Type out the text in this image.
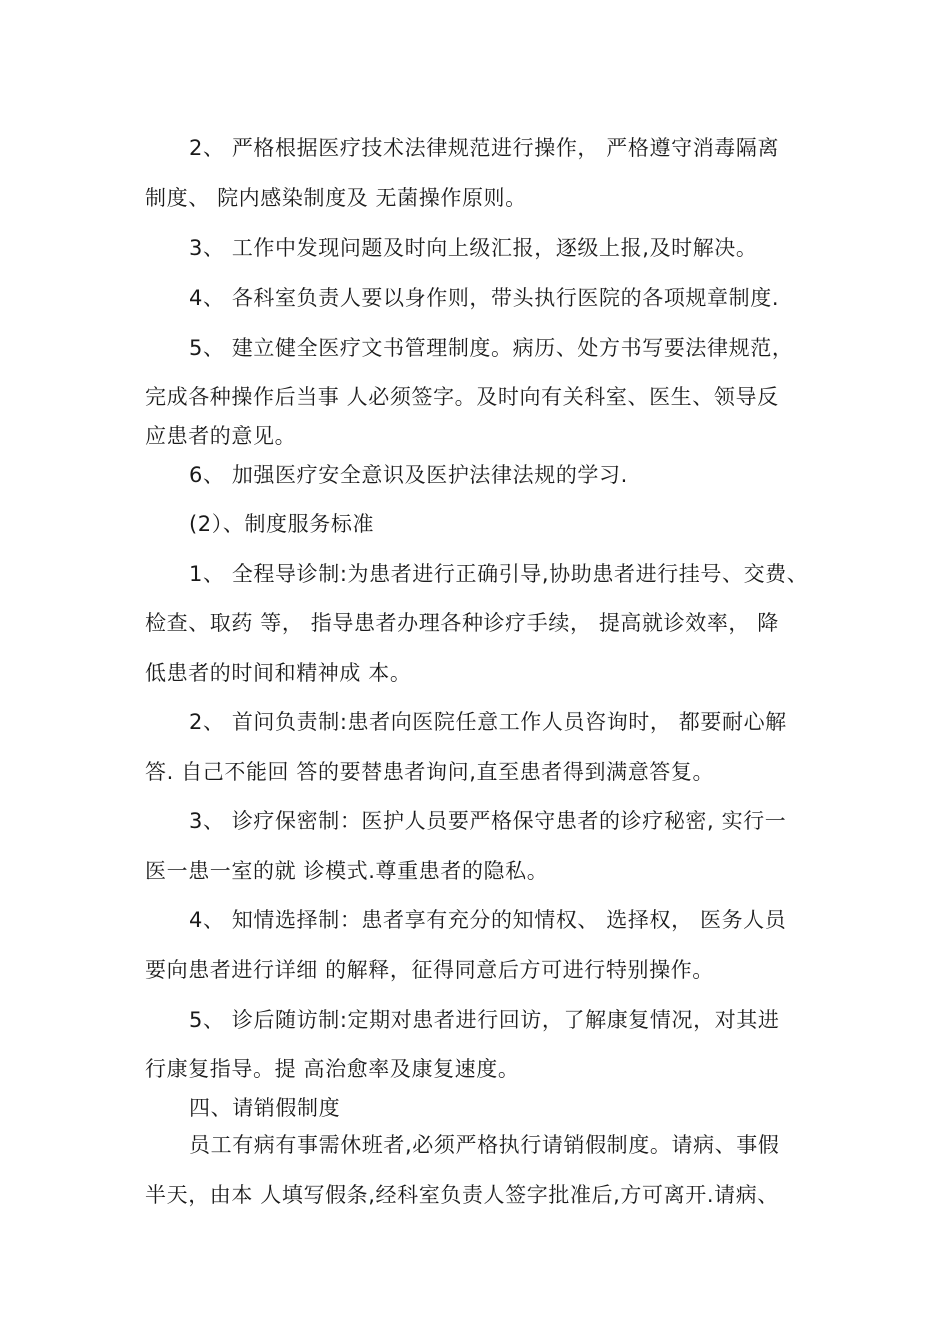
2、 严格根据医疗技术法律规范进行操作， 严格遵守消毒隔离
制度、 院内感染制度及 无菌操作原则。
3、 工作中发现问题及时向上级汇报，逐级上报,及时解决。
4、 各科室负责人要以身作则，带头执行医院的各项规章制度.
5、 建立健全医疗文书管理制度。病历、处方书写要法律规范，
完成各种操作后当事 人必须签字。及时向有关科室、医生、领导反
应患者的意见。
6、 加强医疗安全意识及医护法律法规的学习.
(2）、制度服务标准
1、 全程导诊制:为患者进行正确引导,协助患者进行挂号、交费、
检查、取药 等， 指导患者办理各种诊疗手续， 提高就诊效率， 降
低患者的时间和精神成 本。
2、 首问负责制:患者向医院任意工作人员咨询时， 都要耐心解
答. 自己不能回 答的要替患者询问,直至患者得到满意答复。
3、 诊疗保密制：医护人员要严格保守患者的诊疗秘密, 实行一
医一患一室的就 诊模式.尊重患者的隐私。
4、 知情选择制：患者享有充分的知情权、 选择权， 医务人员
要向患者进行详细 的解释，征得同意后方可进行特别操作。
5、 诊后随访制:定期对患者进行回访，了解康复情况，对其进
行康复指导。提 高治愈率及康复速度。
四、请销假制度
员工有病有事需休班者,必须严格执行请销假制度。请病、事假
半天，由本 人填写假条,经科室负责人签字批准后,方可离开.请病、
